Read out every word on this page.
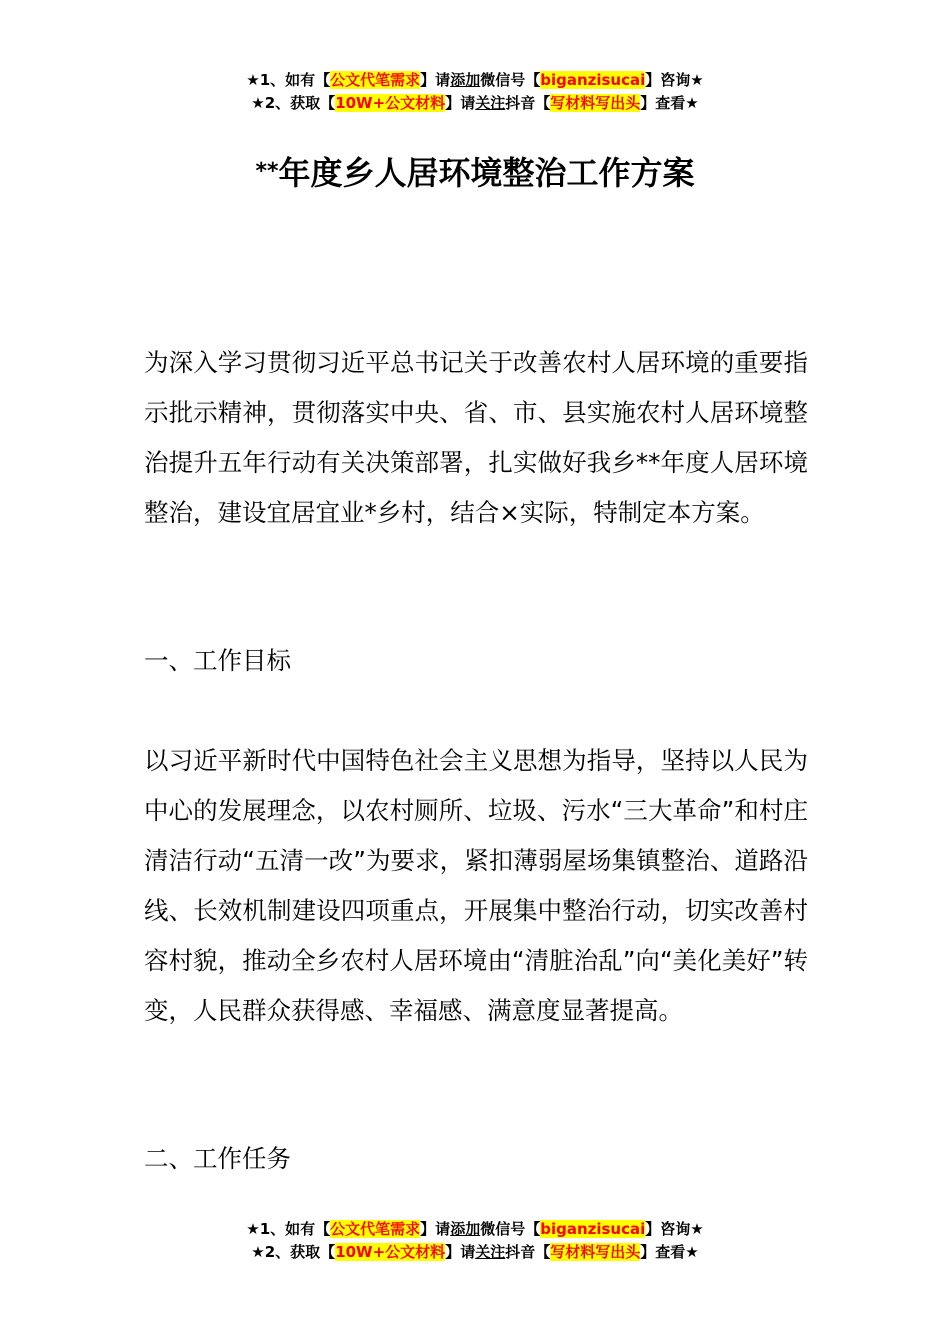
★1、如有【公文代笔需求】请添加微信号【biganzisucai】咨询★
★2、获取【10W+公文材料】请关注抖音【写材料写出头】查看★
**年度乡人居环境整治工作方案
为深入学习贯彻习近平总书记关于改善农村人居环境的重要指示批示精神，贯彻落实中央、省、市、县实施农村人居环境整治提升五年行动有关决策部署，扎实做好我乡**年度人居环境整治，建设宜居宜业*乡村，结合×实际，特制定本方案。
一、工作目标
以习近平新时代中国特色社会主义思想为指导，坚持以人民为中心的发展理念，以农村厕所、垃圾、污水“三大革命”和村庄清洁行动“五清一改”为要求，紧扣薄弱屋场集镇整治、道路沿线、长效机制建设四项重点，开展集中整治行动，切实改善村容村貌，推动全乡农村人居环境由“清脏治乱”向“美化美好”转变，人民群众获得感、幸福感、满意度显著提高。
二、工作任务
★1、如有【公文代笔需求】请添加微信号【biganzisucai】咨询★
★2、获取【10W+公文材料】请关注抖音【写材料写出头】查看★
